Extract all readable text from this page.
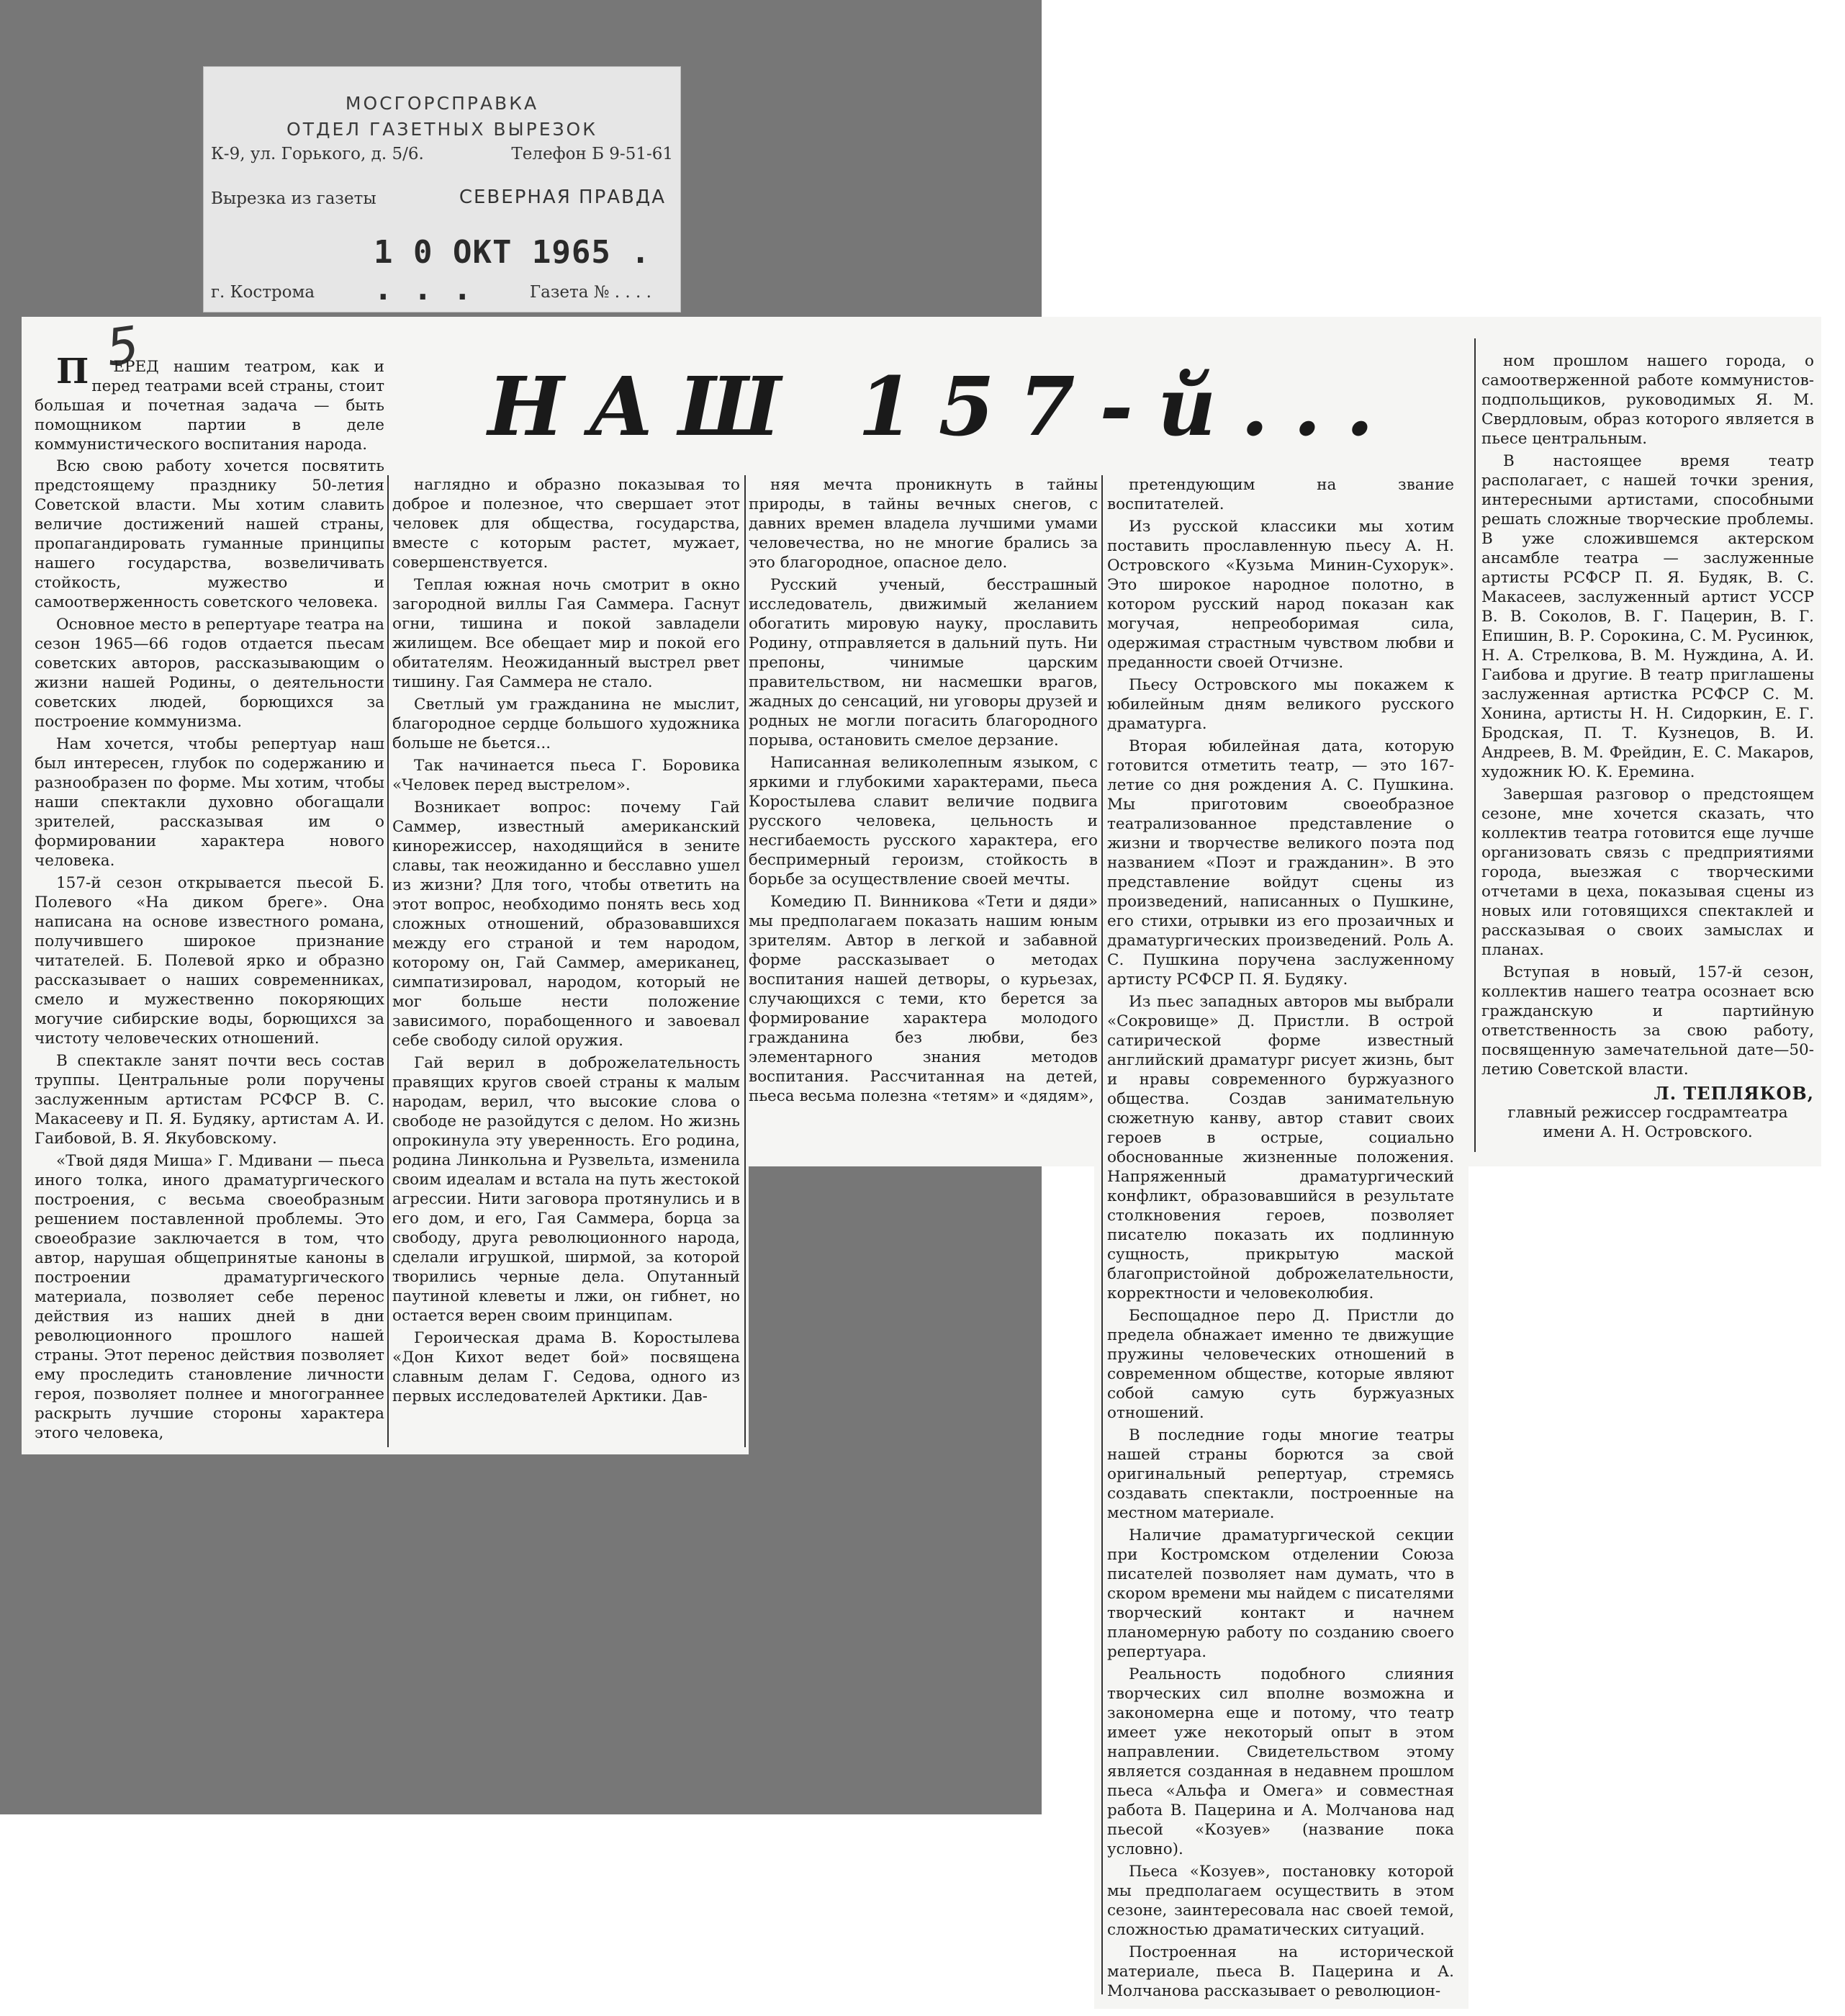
МОСГОРСПРАВКА
ОТДЕЛ ГАЗЕТНЫХ ВЫРЕЗОК
К-9, ул. Горького, д. 5/6.	Телефон Б 9-51-61
Вырезка из газеты	СЕВЕРНАЯ ПРАВДА
1 0 ОКТ 1965 . . . .
г. Кострома	Газета № . . . .
5
НАШ 157-й...

ПЕРЕД нашим театром, как и перед театрами всей страны, стоит большая и почетная задача — быть помощником партии в деле коммунистического воспитания народа.

Всю свою работу хочется посвятить предстоящему празднику 50-летия Советской власти. Мы хотим славить величие достижений нашей страны, пропагандировать гуманные принципы нашего государства, возвеличивать стойкость, мужество и самоотверженность советского человека.

Основное место в репертуаре театра на сезон 1965—66 годов отдается пьесам советских авторов, рассказывающим о жизни нашей Родины, о деятельности советских людей, борющихся за построение коммунизма.

Нам хочется, чтобы репертуар наш был интересен, глубок по содержанию и разнообразен по форме. Мы хотим, чтобы наши спектакли духовно обогащали зрителей, рассказывая им о формировании характера нового человека.

157-й сезон открывается пьесой Б. Полевого «На диком бреге». Она написана на основе известного романа, получившего широкое признание читателей. Б. Полевой ярко и образно рассказывает о наших современниках, смело и мужественно покоряющих могучие сибирские воды, борющихся за чистоту человеческих отношений.

В спектакле занят почти весь состав труппы. Центральные роли поручены заслуженным артистам РСФСР В. С. Макасееву и П. Я. Будяку, артистам А. И. Гаибовой, В. Я. Якубовскому.

«Твой дядя Миша» Г. Мдивани — пьеса иного толка, иного драматургического построения, с весьма своеобразным решением поставленной проблемы. Это своеобразие заключается в том, что автор, нарушая общепринятые каноны в построении драматургического материала, позволяет себе перенос действия из наших дней в дни революционного прошлого нашей страны. Этот перенос действия позволяет ему проследить становление личности героя, позволяет полнее и многограннее раскрыть лучшие стороны характера этого человека,

наглядно и образно показывая то доброе и полезное, что свершает этот человек для общества, государства, вместе с которым растет, мужает, совершенствуется.

Теплая южная ночь смотрит в окно загородной виллы Гая Саммера. Гаснут огни, тишина и покой завладели жилищем. Все обещает мир и покой его обитателям. Неожиданный выстрел рвет тишину. Гая Саммера не стало.

Светлый ум гражданина не мыслит, благородное сердце большого художника больше не бьется...

Так начинается пьеса Г. Боровика «Человек перед выстрелом».

Возникает вопрос: почему Гай Саммер, известный американский кинорежиссер, находящийся в зените славы, так неожиданно и бесславно ушел из жизни? Для того, чтобы ответить на этот вопрос, необходимо понять весь ход сложных отношений, образовавшихся между его страной и тем народом, которому он, Гай Саммер, американец, симпатизировал, народом, который не мог больше нести положение зависимого, порабощенного и завоевал себе свободу силой оружия.

Гай верил в доброжелательность правящих кругов своей страны к малым народам, верил, что высокие слова о свободе не разойдутся с делом. Но жизнь опрокинула эту уверенность. Его родина, родина Линкольна и Рузвельта, изменила своим идеалам и встала на путь жестокой агрессии. Нити заговора протянулись и в его дом, и его, Гая Саммера, борца за свободу, друга революционного народа, сделали игрушкой, ширмой, за которой творились черные дела. Опутанный паутиной клеветы и лжи, он гибнет, но остается верен своим принципам.

Героическая драма В. Коростылева «Дон Кихот ведет бой» посвящена славным делам Г. Седова, одного из первых исследователей Арктики. Дав-

няя мечта проникнуть в тайны природы, в тайны вечных снегов, с давних времен владела лучшими умами человечества, но не многие брались за это благородное, опасное дело.

Русский ученый, бесстрашный исследователь, движимый желанием обогатить мировую науку, прославить Родину, отправляется в дальний путь. Ни препоны, чинимые царским правительством, ни насмешки врагов, жадных до сенсаций, ни уговоры друзей и родных не могли погасить благородного порыва, остановить смелое дерзание.

Написанная великолепным языком, с яркими и глубокими характерами, пьеса Коростылева славит величие подвига русского человека, цельность и несгибаемость русского характера, его беспримерный героизм, стойкость в борьбе за осуществление своей мечты.

Комедию П. Винникова «Тети и дяди» мы предполагаем показать нашим юным зрителям. Автор в легкой и забавной форме рассказывает о методах воспитания нашей детворы, о курьезах, случающихся с теми, кто берется за формирование характера молодого гражданина без любви, без элементарного знания методов воспитания. Рассчитанная на детей, пьеса весьма полезна «тетям» и «дядям»,

претендующим на звание воспитателей.

Из русской классики мы хотим поставить прославленную пьесу А. Н. Островского «Кузьма Минин-Сухорук». Это широкое народное полотно, в котором русский народ показан как могучая, непреоборимая сила, одержимая страстным чувством любви и преданности своей Отчизне.

Пьесу Островского мы покажем к юбилейным дням великого русского драматурга.

Вторая юбилейная дата, которую готовится отметить театр, — это 167-летие со дня рождения А. С. Пушкина. Мы приготовим своеобразное театрализованное представление о жизни и творчестве великого поэта под названием «Поэт и гражданин». В это представление войдут сцены из произведений, написанных о Пушкине, его стихи, отрывки из его прозаичных и драматургических произведений. Роль А. С. Пушкина поручена заслуженному артисту РСФСР П. Я. Будяку.

Из пьес западных авторов мы выбрали «Сокровище» Д. Пристли. В острой сатирической форме известный английский драматург рисует жизнь, быт и нравы современного буржуазного общества. Создав занимательную сюжетную канву, автор ставит своих героев в острые, социально обоснованные жизненные положения. Напряженный драматургический конфликт, образовавшийся в результате столкновения героев, позволяет писателю показать их подлинную сущность, прикрытую маской благопристойной доброжелательности, корректности и человеколюбия.

Беспощадное перо Д. Пристли до предела обнажает именно те движущие пружины человеческих отношений в современном обществе, которые являют собой самую суть буржуазных отношений.

В последние годы многие театры нашей страны борются за свой оригинальный репертуар, стремясь создавать спектакли, построенные на местном материале.

Наличие драматургической секции при Костромском отделении Союза писателей позволяет нам думать, что в скором времени мы найдем с писателями творческий контакт и начнем планомерную работу по созданию своего репертуара.

Реальность подобного слияния творческих сил вполне возможна и закономерна еще и потому, что театр имеет уже некоторый опыт в этом направлении. Свидетельством этому является созданная в недавнем прошлом пьеса «Альфа и Омега» и совместная работа В. Пацерина и А. Молчанова над пьесой «Козуев» (название пока условно).

Пьеса «Козуев», постановку которой мы предполагаем осуществить в этом сезоне, заинтересовала нас своей темой, сложностью драматических ситуаций.

Построенная на исторической материале, пьеса В. Пацерина и А. Молчанова рассказывает о революцион-

ном прошлом нашего города, о самоотверженной работе коммунистов-подпольщиков, руководимых Я. М. Свердловым, образ которого является в пьесе центральным.

В настоящее время театр располагает, с нашей точки зрения, интересными артистами, способными решать сложные творческие проблемы. В уже сложившемся актерском ансамбле театра — заслуженные артисты РСФСР П. Я. Будяк, В. С. Макасеев, заслуженный артист УССР В. В. Соколов, В. Г. Пацерин, В. Г. Епишин, В. Р. Сорокина, С. М. Русинюк, Н. А. Стрелкова, В. М. Нуждина, А. И. Гаибова и другие. В театр приглашены заслуженная артистка РСФСР С. М. Хонина, артисты Н. Н. Сидоркин, Е. Г. Бродская, П. Т. Кузнецов, В. И. Андреев, В. М. Фрейдин, Е. С. Макаров, художник Ю. К. Еремина.

Завершая разговор о предстоящем сезоне, мне хочется сказать, что коллектив театра готовится еще лучше организовать связь с предприятиями города, выезжая с творческими отчетами в цеха, показывая сцены из новых или готовящихся спектаклей и рассказывая о своих замыслах и планах.

Вступая в новый, 157-й сезон, коллектив нашего театра осознает всю гражданскую и партийную ответственность за свою работу, посвященную замечательной дате—50-летию Советской власти.

Л. ТЕПЛЯКОВ,
главный режиссер госдрамтеатра имени А. Н. Островского.
